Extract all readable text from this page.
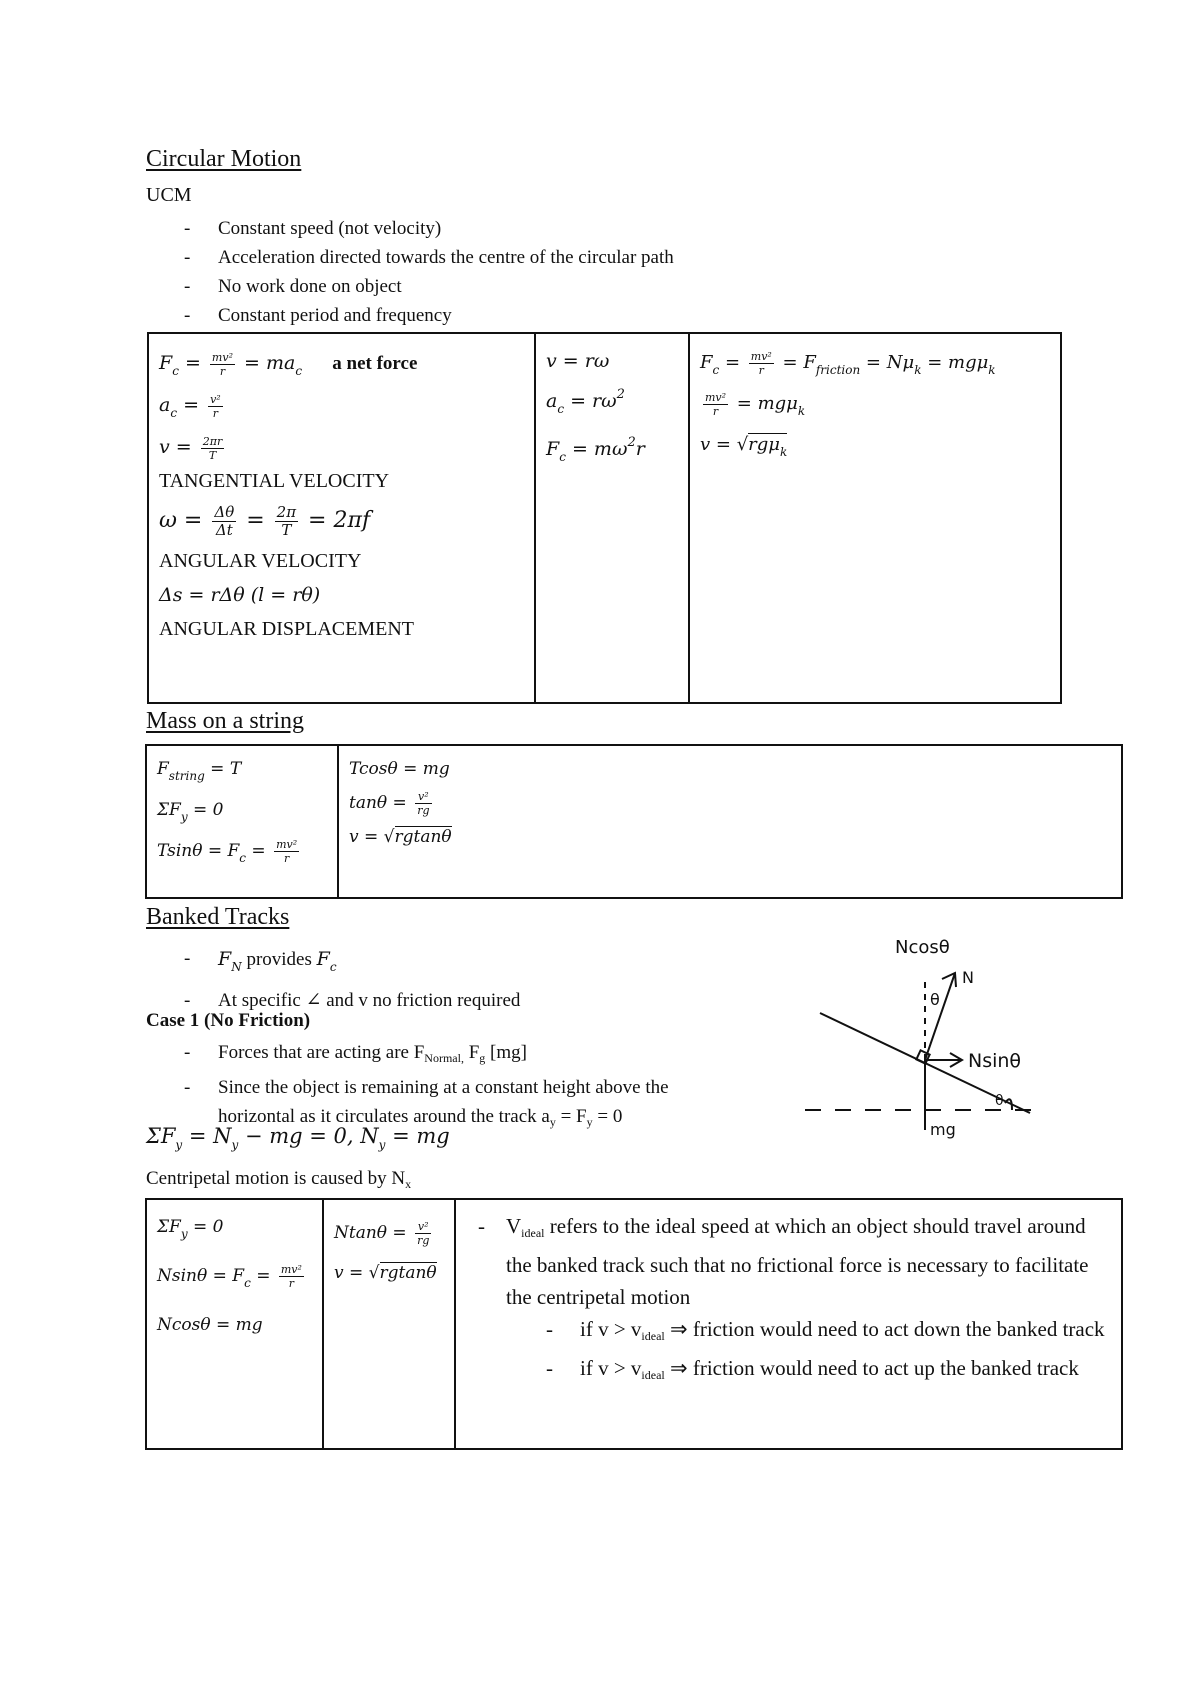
Circular Motion
UCM
- Constant speed (not velocity)
- Acceleration directed towards the centre of the circular path
- No work done on object
- Constant period and frequency
$F_c = \frac{\text{mv²}}{r} = ma_c$ a net force
$a_c = \frac{\text{v²}}{r}$
$v = \frac{2\pi r}{T}$
TANGENTIAL VELOCITY
$\omega = \frac{\Delta\theta}{\Delta t} = \frac{2\pi}{T} = 2\pi f$
ANGULAR VELOCITY
Δs = rΔθ (l = rθ)
ANGULAR DISPLACEMENT

v = rω
$a_c = r\omega^2$
$F_c = m\omega^2r$

$F_c = \frac{\text{mv²}}{r} = F_{friction} = N\mu_k = mg\mu_k$
$\frac{\text{mv²}}{r} = mg\mu_k$
v = √rgμ$_k$
Mass on a string
$F_{string} = T$
$\Sigma F_y = 0$
$Tsin\theta = F_c = \frac{\text{mv²}}{r}$

Tcosθ = mg
$\tan\theta = \frac{\text{v²}}{rg}$
v = √rgtanθ
Banked Tracks
- $F_N$ provides $F_c$
- At specific ∠ and v no friction required
Case 1 (No Friction)
- Forces that are acting are $F_{Normal,}$ $F_g$ [mg]
- Since the object is remaining at a constant height above the
horizontal as it circulates around the track $a_y = F_y = 0$
$\Sigma F_y = N_y$ − mg = 0, $N_y$ = mg
Centripetal motion is caused by $N_x$
Ncosθ
θ
N
Nsinθ
θ
mg
$\Sigma F_y = 0$
$Nsin\theta = F_c = \frac{\text{mv²}}{r}$
Ncosθ = mg

$Ntan\theta = \frac{\text{v²}}{rg}$
v = √rgtanθ

- Videal refers to the ideal speed at which an object should travel around the banked track such that no frictional force is necessary to facilitate the centripetal motion
- if v > videal ⇒ friction would need to act down the banked track
- if v > videal ⇒ friction would need to act up the banked track
